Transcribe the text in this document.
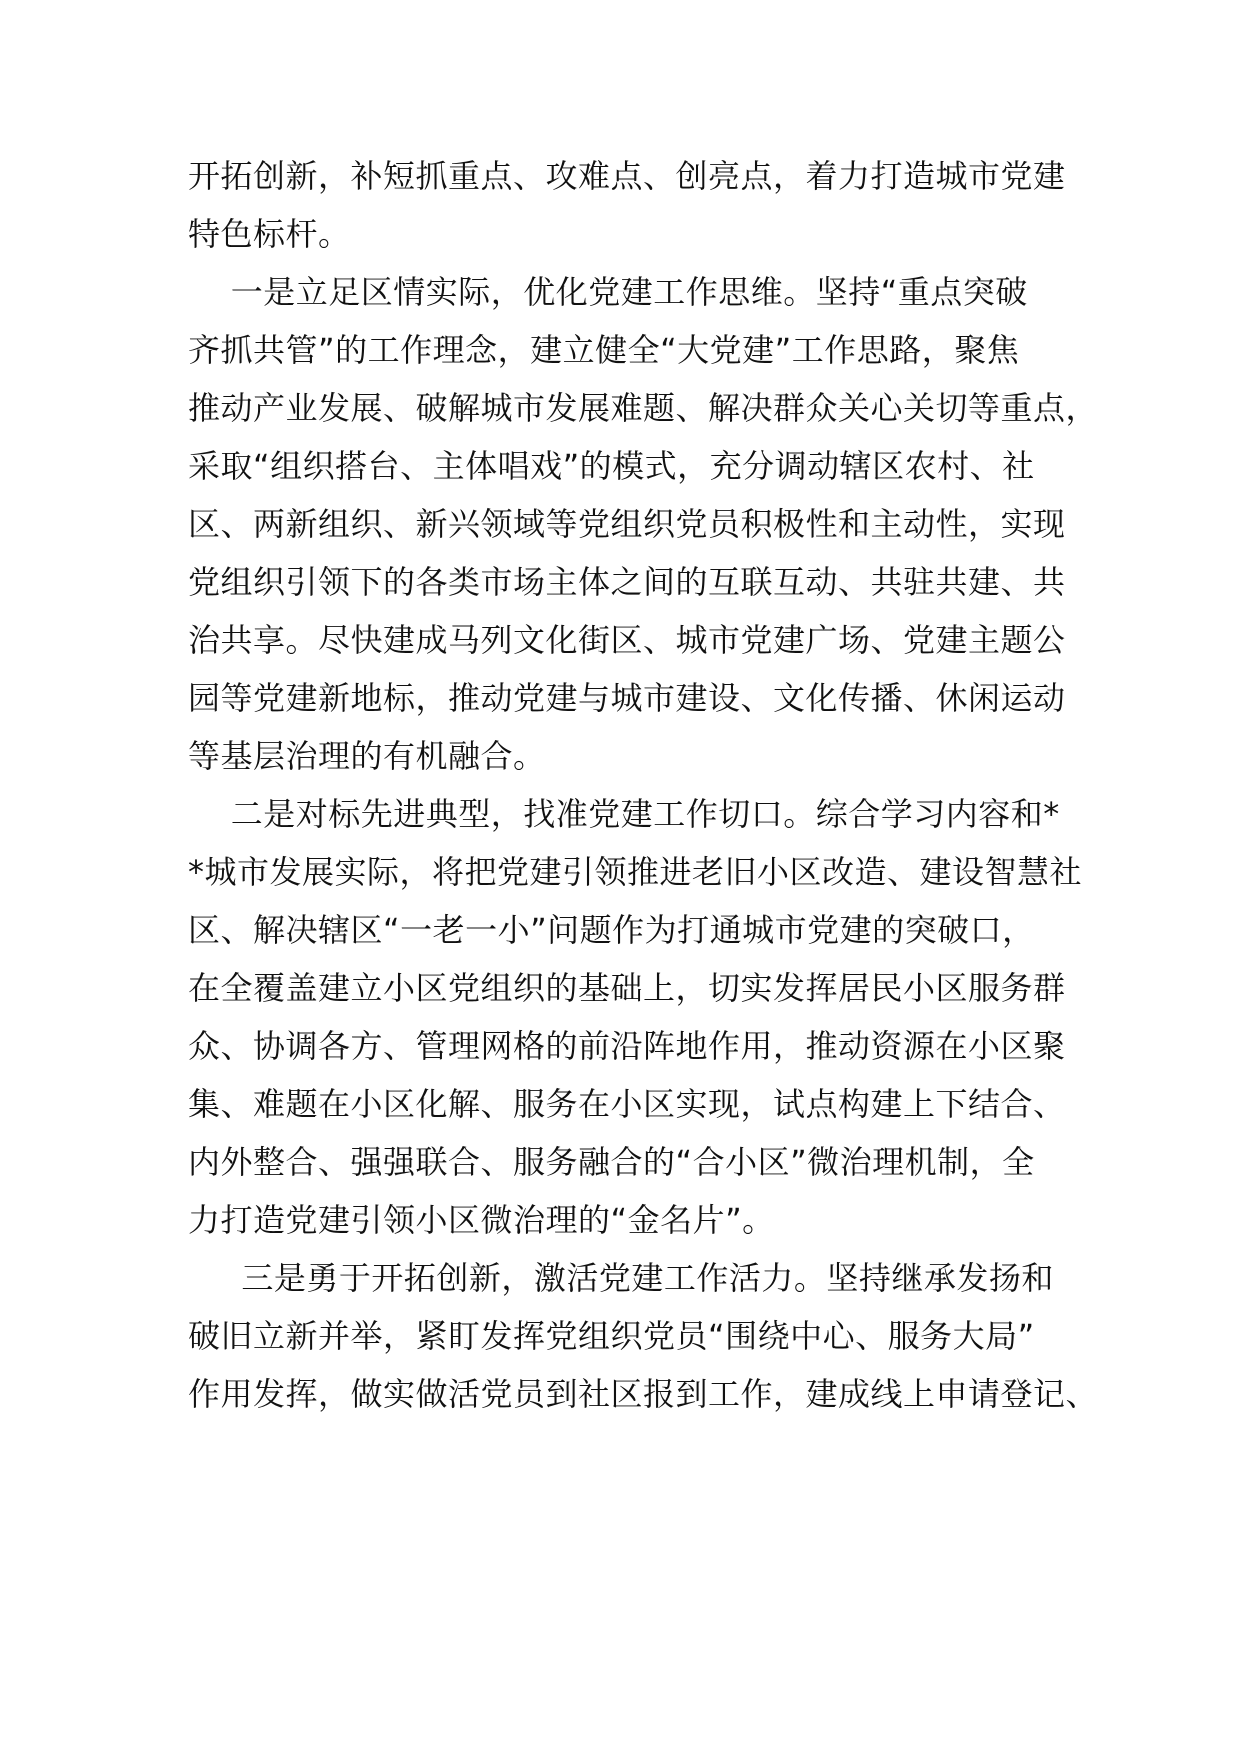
开拓创新，补短抓重点、攻难点、创亮点，着力打造城市党建
特色标杆。
一是立足区情实际，优化党建工作思维。坚持“重点突破
齐抓共管”的工作理念，建立健全“大党建”工作思路，聚焦
推动产业发展、破解城市发展难题、解决群众关心关切等重点，
采取“组织搭台、主体唱戏”的模式，充分调动辖区农村、社
区、两新组织、新兴领域等党组织党员积极性和主动性，实现
党组织引领下的各类市场主体之间的互联互动、共驻共建、共
治共享。尽快建成马列文化街区、城市党建广场、党建主题公
园等党建新地标，推动党建与城市建设、文化传播、休闲运动
等基层治理的有机融合。
二是对标先进典型，找准党建工作切口。综合学习内容和*
*城市发展实际，将把党建引领推进老旧小区改造、建设智慧社
区、解决辖区“一老一小”问题作为打通城市党建的突破口，
在全覆盖建立小区党组织的基础上，切实发挥居民小区服务群
众、协调各方、管理网格的前沿阵地作用，推动资源在小区聚
集、难题在小区化解、服务在小区实现，试点构建上下结合、
内外整合、强强联合、服务融合的“合小区”微治理机制，全
力打造党建引领小区微治理的“金名片”。
三是勇于开拓创新，激活党建工作活力。坚持继承发扬和
破旧立新并举，紧盯发挥党组织党员“围绕中心、服务大局”
作用发挥，做实做活党员到社区报到工作，建成线上申请登记、
